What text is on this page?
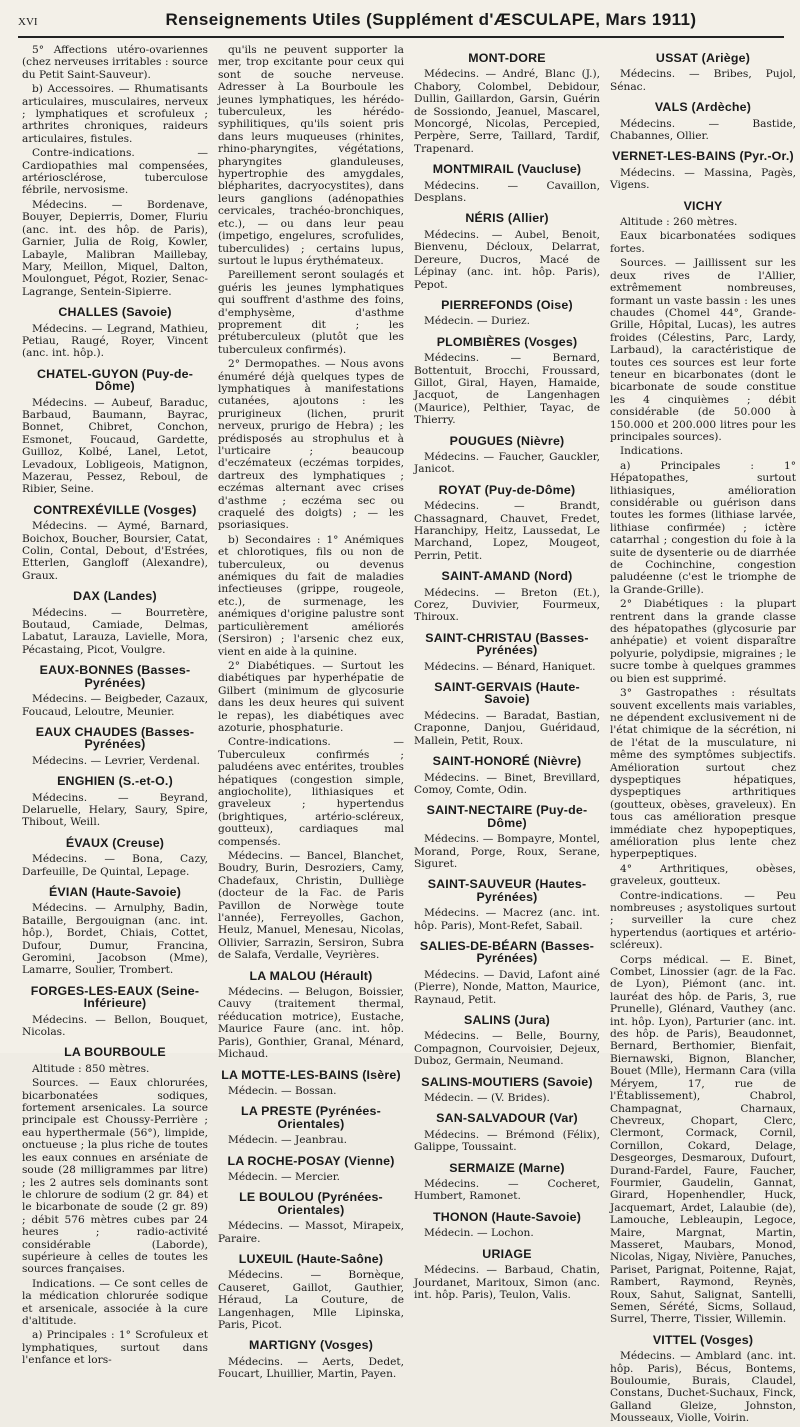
XVI	Renseignements Utiles (Supplément d'ÆSCULAPE, Mars 1911)

5° Affections utéro-ovariennes (chez nerveuses irritables : source du Petit Saint-Sauveur).

b) Accessoires. — Rhumatisants articulaires, musculaires, nerveux ; lymphatiques et scrofuleux ; arthrites chroniques, raideurs articulaires, fistules.

Contre-indications. — Cardiopathies mal compensées, artériosclérose, tuberculose fébrile, nervosisme.

Médecins. — Bordenave, Bouyer, Depierris, Domer, Fluriu (anc. int. des hôp. de Paris), Garnier, Julia de Roig, Kowler, Labayle, Malibran Maillebay, Mary, Meillon, Miquel, Dalton, Moulonguet, Pégot, Rozier, Senac-Lagrange, Sentein-Sipierre.

CHALLES (Savoie)

Médecins. — Legrand, Mathieu, Petiau, Raugé, Royer, Vincent (anc. int. hôp.).

CHATEL-GUYON (Puy-de-Dôme)

Médecins. — Aubeuf, Baraduc, Barbaud, Baumann, Bayrac, Bonnet, Chibret, Conchon, Esmonet, Foucaud, Gardette, Guilloz, Kolbé, Lanel, Letot, Levadoux, Lobligeois, Matignon, Mazerau, Pessez, Reboul, de Ribier, Seine.

CONTREXÉVILLE (Vosges)

Médecins. — Aymé, Barnard, Boichox, Boucher, Boursier, Catat, Colin, Contal, Debout, d'Estrées, Etterlen, Gangloff (Alexandre), Graux.

DAX (Landes)

Médecins. — Bourretère, Boutaud, Camiade, Delmas, Labatut, Larauza, Lavielle, Mora, Pécastaing, Picot, Voulgre.

EAUX-BONNES (Basses-Pyrénées)

Médecins. — Beigbeder, Cazaux, Foucaud, Leloutre, Meunier.

EAUX CHAUDES (Basses-Pyrénées)

Médecins. — Levrier, Verdenal.

ENGHIEN (S.-et-O.)

Médecins. — Beyrand, Delaruelle, Helary, Saury, Spire, Thibout, Weill.

ÉVAUX (Creuse)

Médecins. — Bona, Cazy, Darfeuille, De Quintal, Lepage.

ÉVIAN (Haute-Savoie)

Médecins. — Arnulphy, Badin, Bataille, Bergouignan (anc. int. hôp.), Bordet, Chiais, Cottet, Dufour, Dumur, Francina, Geromini, Jacobson (Mme), Lamarre, Soulier, Trombert.

FORGES-LES-EAUX (Seine-Inférieure)

Médecins. — Bellon, Bouquet, Nicolas.

LA BOURBOULE

Altitude : 850 mètres.

Sources. — Eaux chlorurées, bicarbonatées sodiques, fortement arsenicales. La source principale est Choussy-Perrière ; eau hyperthermale (56°), limpide, onctueuse ; la plus riche de toutes les eaux connues en arséniate de soude (28 milligrammes par litre) ; les 2 autres sels dominants sont le chlorure de sodium (2 gr. 84) et le bicarbonate de soude (2 gr. 89) ; débit 576 mètres cubes par 24 heures ; radio-activité considérable (Laborde), supérieure à celles de toutes les sources françaises.

Indications. — Ce sont celles de la médication chlorurée sodique et arsenicale, associée à la cure d'altitude.

a) Principales : 1° Scrofuleux et lymphatiques, surtout dans l'enfance et lors-

qu'ils ne peuvent supporter la mer, trop excitante pour ceux qui sont de souche nerveuse. Adresser à La Bourboule les jeunes lymphatiques, les hérédo-tuberculeux, les hérédo-syphilitiques, qu'ils soient pris dans leurs muqueuses (rhinites, rhino-pharyngites, végétations, pharyngites glanduleuses, hypertrophie des amygdales, blépharites, dacryocystites), dans leurs ganglions (adénopathies cervicales, trachéo-bronchiques, etc.), — ou dans leur peau (impetigo, engelures, scrofulides, tuberculides) ; certains lupus, surtout le lupus érythémateux.

Pareillement seront soulagés et guéris les jeunes lymphatiques qui souffrent d'asthme des foins, d'emphysème, d'asthme proprement dit ; les prétuberculeux (plutôt que les tuberculeux confirmés).

2° Dermopathes. — Nous avons énuméré déjà quelques types de lymphatiques à manifestations cutanées, ajoutons : les prurigineux (lichen, prurit nerveux, prurigo de Hebra) ; les prédisposés au strophulus et à l'urticaire ; beaucoup d'eczémateux (eczémas torpides, dartreux des lymphatiques ; eczémas alternant avec crises d'asthme ; eczéma sec ou craquelé des doigts) ; — les psoriasiques.

b) Secondaires : 1° Anémiques et chlorotiques, fils ou non de tuberculeux, ou devenus anémiques du fait de maladies infectieuses (grippe, rougeole, etc.), de surmenage, les anémiques d'origine palustre sont particulièrement améliorés (Sersiron) ; l'arsenic chez eux, vient en aide à la quinine.

2° Diabétiques. — Surtout les diabétiques par hyperhépatie de Gilbert (minimum de glycosurie dans les deux heures qui suivent le repas), les diabétiques avec azoturie, phosphaturie.

Contre-indications. — Tuberculeux confirmés ; paludéens avec entérites, troubles hépatiques (congestion simple, angiocholite), lithiasiques et graveleux ; hypertendus (brightiques, artério-scléreux, goutteux), cardiaques mal compensés.

Médecins. — Bancel, Blanchet, Boudry, Burin, Desroziers, Camy, Chadefaux, Christin, Dulliège (docteur de la Fac. de Paris Pavillon de Norwège toute l'année), Ferreyolles, Gachon, Heulz, Manuel, Menesau, Nicolas, Ollivier, Sarrazin, Sersiron, Subra de Salafa, Verdalle, Veyrières.

LA MALOU (Hérault)

Médecins. — Belugon, Boissier, Cauvy (traitement thermal, rééducation motrice), Eustache, Maurice Faure (anc. int. hôp. Paris), Gonthier, Granal, Ménard, Michaud.

LA MOTTE-LES-BAINS (Isère)

Médecin. — Bossan.

LA PRESTE (Pyrénées-Orientales)

Médecin. — Jeanbrau.

LA ROCHE-POSAY (Vienne)

Médecin. — Mercier.

LE BOULOU (Pyrénées-Orientales)

Médecins. — Massot, Mirapeix, Paraire.

LUXEUIL (Haute-Saône)

Médecins. — Bornèque, Causeret, Gaillot, Gauthier, Héraud, La Couture, de Langenhagen, Mlle Lipinska, Paris, Picot.

MARTIGNY (Vosges)

Médecins. — Aerts, Dedet, Foucart, Lhuillier, Martin, Payen.

MONT-DORE

Médecins. — André, Blanc (J.), Chabory, Colombel, Debidour, Dullin, Gaillardon, Garsin, Guérin de Sossiondo, Jeanuel, Mascarel, Moncorgé, Nicolas, Percepied, Perpère, Serre, Taillard, Tardif, Trapenard.

MONTMIRAIL (Vaucluse)

Médecins. — Cavaillon, Desplans.

NÉRIS (Allier)

Médecins. — Aubel, Benoit, Bienvenu, Décloux, Delarrat, Dereure, Ducros, Macé de Lépinay (anc. int. hôp. Paris), Pepot.

PIERREFONDS (Oise)

Médecin. — Duriez.

PLOMBIÈRES (Vosges)

Médecins. — Bernard, Bottentuit, Brocchi, Froussard, Gillot, Giral, Hayen, Hamaide, Jacquot, de Langenhagen (Maurice), Pelthier, Tayac, de Thierry.

POUGUES (Nièvre)

Médecins. — Faucher, Gauckler, Janicot.

ROYAT (Puy-de-Dôme)

Médecins. — Brandt, Chassagnard, Chauvet, Fredet, Haranchipy, Heitz, Laussedat, Le Marchand, Lopez, Mougeot, Perrin, Petit.

SAINT-AMAND (Nord)

Médecins. — Breton (Et.), Corez, Duvivier, Fourmeux, Thiroux.

SAINT-CHRISTAU (Basses-Pyrénées)

Médecins. — Bénard, Haniquet.

SAINT-GERVAIS (Haute-Savoie)

Médecins. — Baradat, Bastian, Craponne, Danjou, Guéridaud, Mallein, Petit, Roux.

SAINT-HONORÉ (Nièvre)

Médecins. — Binet, Brevillard, Comoy, Comte, Odin.

SAINT-NECTAIRE (Puy-de-Dôme)

Médecins. — Bompayre, Montel, Morand, Porge, Roux, Serane, Siguret.

SAINT-SAUVEUR (Hautes-Pyrénées)

Médecins. — Macrez (anc. int. hôp. Paris), Mont-Refet, Sabail.

SALIES-DE-BÉARN (Basses-Pyrénées)

Médecins. — David, Lafont ainé (Pierre), Nonde, Matton, Maurice, Raynaud, Petit.

SALINS (Jura)

Médecins. — Belle, Bourny, Compagnon, Courvoisier, Dejeux, Duboz, Germain, Neumand.

SALINS-MOUTIERS (Savoie)

Médecin. — (V. Brides).

SAN-SALVADOUR (Var)

Médecins. — Brémond (Félix), Galippe, Toussaint.

SERMAIZE (Marne)

Médecins. — Cocheret, Humbert, Ramonet.

THONON (Haute-Savoie)

Médecin. — Lochon.

URIAGE

Médecins. — Barbaud, Chatin, Jourdanet, Maritoux, Simon (anc. int. hôp. Paris), Teulon, Valis.

USSAT (Ariège)

Médecins. — Bribes, Pujol, Sénac.

VALS (Ardèche)

Médecins. — Bastide, Chabannes, Ollier.

VERNET-LES-BAINS (Pyr.-Or.)

Médecins. — Massina, Pagès, Vigens.

VICHY

Altitude : 260 mètres.

Eaux bicarbonatées sodiques fortes.

Sources. — Jaillissent sur les deux rives de l'Allier, extrêmement nombreuses, formant un vaste bassin : les unes chaudes (Chomel 44°, Grande-Grille, Hôpital, Lucas), les autres froides (Célestins, Parc, Lardy, Larbaud), la caractéristique de toutes ces sources est leur forte teneur en bicarbonates (dont le bicarbonate de soude constitue les 4 cinquièmes ; débit considérable (de 50.000 à 150.000 et 200.000 litres pour les principales sources).

Indications.

a) Principales : 1° Hépatopathes, surtout lithiasiques, amélioration considérable ou guérison dans toutes les formes (lithiase larvée, lithiase confirmée) ; ictère catarrhal ; congestion du foie à la suite de dysenterie ou de diarrhée de Cochinchine, congestion paludéenne (c'est le triomphe de la Grande-Grille).

2° Diabétiques : la plupart rentrent dans la grande classe des hépatopathes (glycosurie par anhépatie) et voient disparaître polyurie, polydipsie, migraines ; le sucre tombe à quelques grammes ou bien est supprimé.

3° Gastropathes : résultats souvent excellents mais variables, ne dépendent exclusivement ni de l'état chimique de la sécrétion, ni de l'état de la musculature, ni même des symptômes subjectifs. Amélioration surtout chez dyspeptiques hépatiques, dyspeptiques arthritiques (goutteux, obèses, graveleux). En tous cas amélioration presque immédiate chez hypopeptiques, amélioration plus lente chez hyperpeptiques.

4° Arthritiques, obèses, graveleux, goutteux.

Contre-indications. — Peu nombreuses ; asystoliques surtout ; surveiller la cure chez hypertendus (aortiques et artério-scléreux).

Corps médical. — E. Binet, Combet, Linossier (agr. de la Fac. de Lyon), Piémont (anc. int. lauréat des hôp. de Paris, 3, rue Prunelle), Glénard, Vauthey (anc. int. hôp. Lyon), Parturier (anc. int. des hôp. de Paris), Beaudonnet, Bernard, Berthomier, Bienfait, Biernawski, Bignon, Blancher, Bouet (Mlle), Hermann Cara (villa Méryem, 17, rue de l'Établissement), Chabrol, Champagnat, Charnaux, Chevreux, Chopart, Clerc, Clermont, Cormack, Cornil, Cornillon, Cokard, Delage, Desgeorges, Desmaroux, Dufourt, Durand-Fardel, Faure, Faucher, Fourmier, Gaudelin, Gannat, Girard, Hopenhendler, Huck, Jacquemart, Ardet, Lalaubie (de), Lamouche, Lebleaupin, Legoce, Maire, Margnat, Martin, Masseret, Maubars, Monod, Nicolas, Nigay, Nivière, Panuches, Pariset, Parignat, Poitenne, Rajat, Rambert, Raymond, Reynès, Roux, Sahut, Salignat, Santelli, Semen, Sérété, Sicms, Sollaud, Surrel, Therre, Tissier, Willemin.

VITTEL (Vosges)

Médecins. — Amblard (anc. int. hôp. Paris), Bécus, Bontems, Bouloumie, Burais, Claudel, Constans, Duchet-Suchaux, Finck, Galland Gleize, Johnston, Mousseaux, Violle, Voirin.
